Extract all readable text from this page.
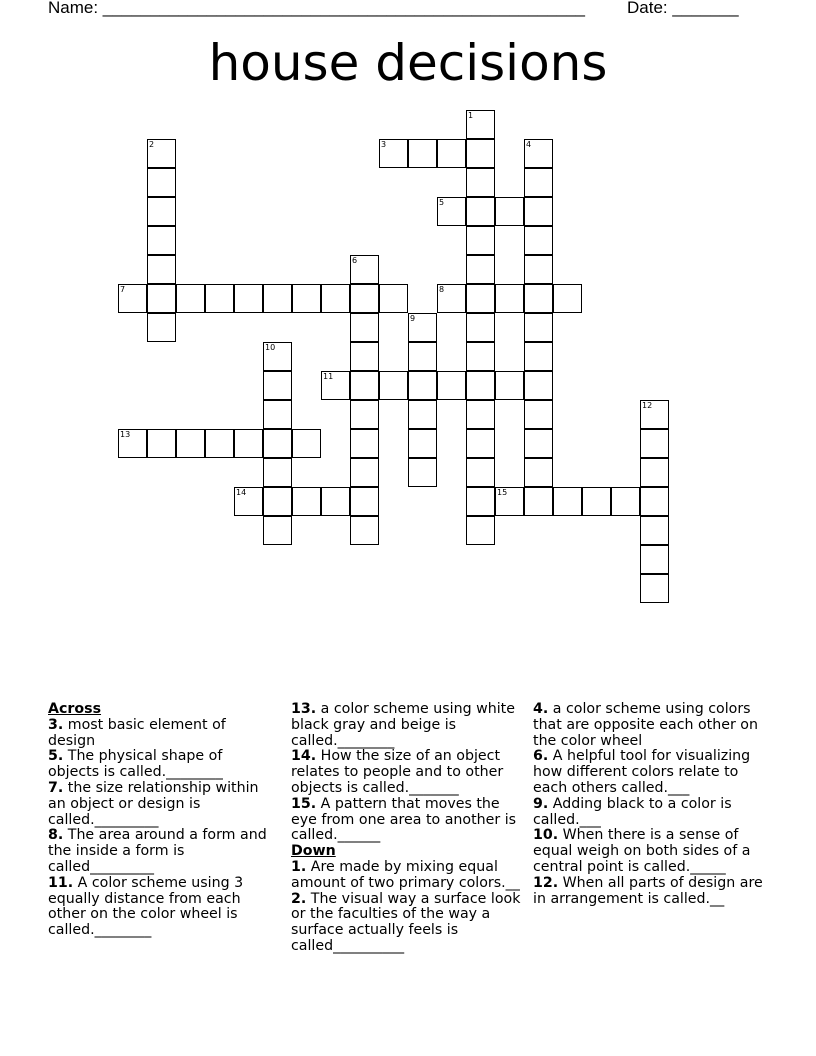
Name: ___________________________________________________ Date: _______
house decisions
1
2	3	4
5
6
7	8
9
10
11
12
13
14	15

Across

3. most basic element of design

5. The physical shape of objects is called.________

7. the size relationship within an object or design is called._________

8. The area around a form and the inside a form is called_________

11. A color scheme using 3 equally distance from each other on the color wheel is called.________

13. a color scheme using white black gray and beige is called.________

14. How the size of an object relates to people and to other objects is called._______

15. A pattern that moves the eye from one area to another is called.______

Down

1. Are made by mixing equal amount of two primary colors.__

2. The visual way a surface look or the faculties of the way a surface actually feels is called__________

4. a color scheme using colors that are opposite each other on the color wheel

6. A helpful tool for visualizing how different colors relate to each others called.___

9. Adding black to a color is called.___

10. When there is a sense of equal weigh on both sides of a central point is called._____

12. When all parts of design are in arrangement is called.__
